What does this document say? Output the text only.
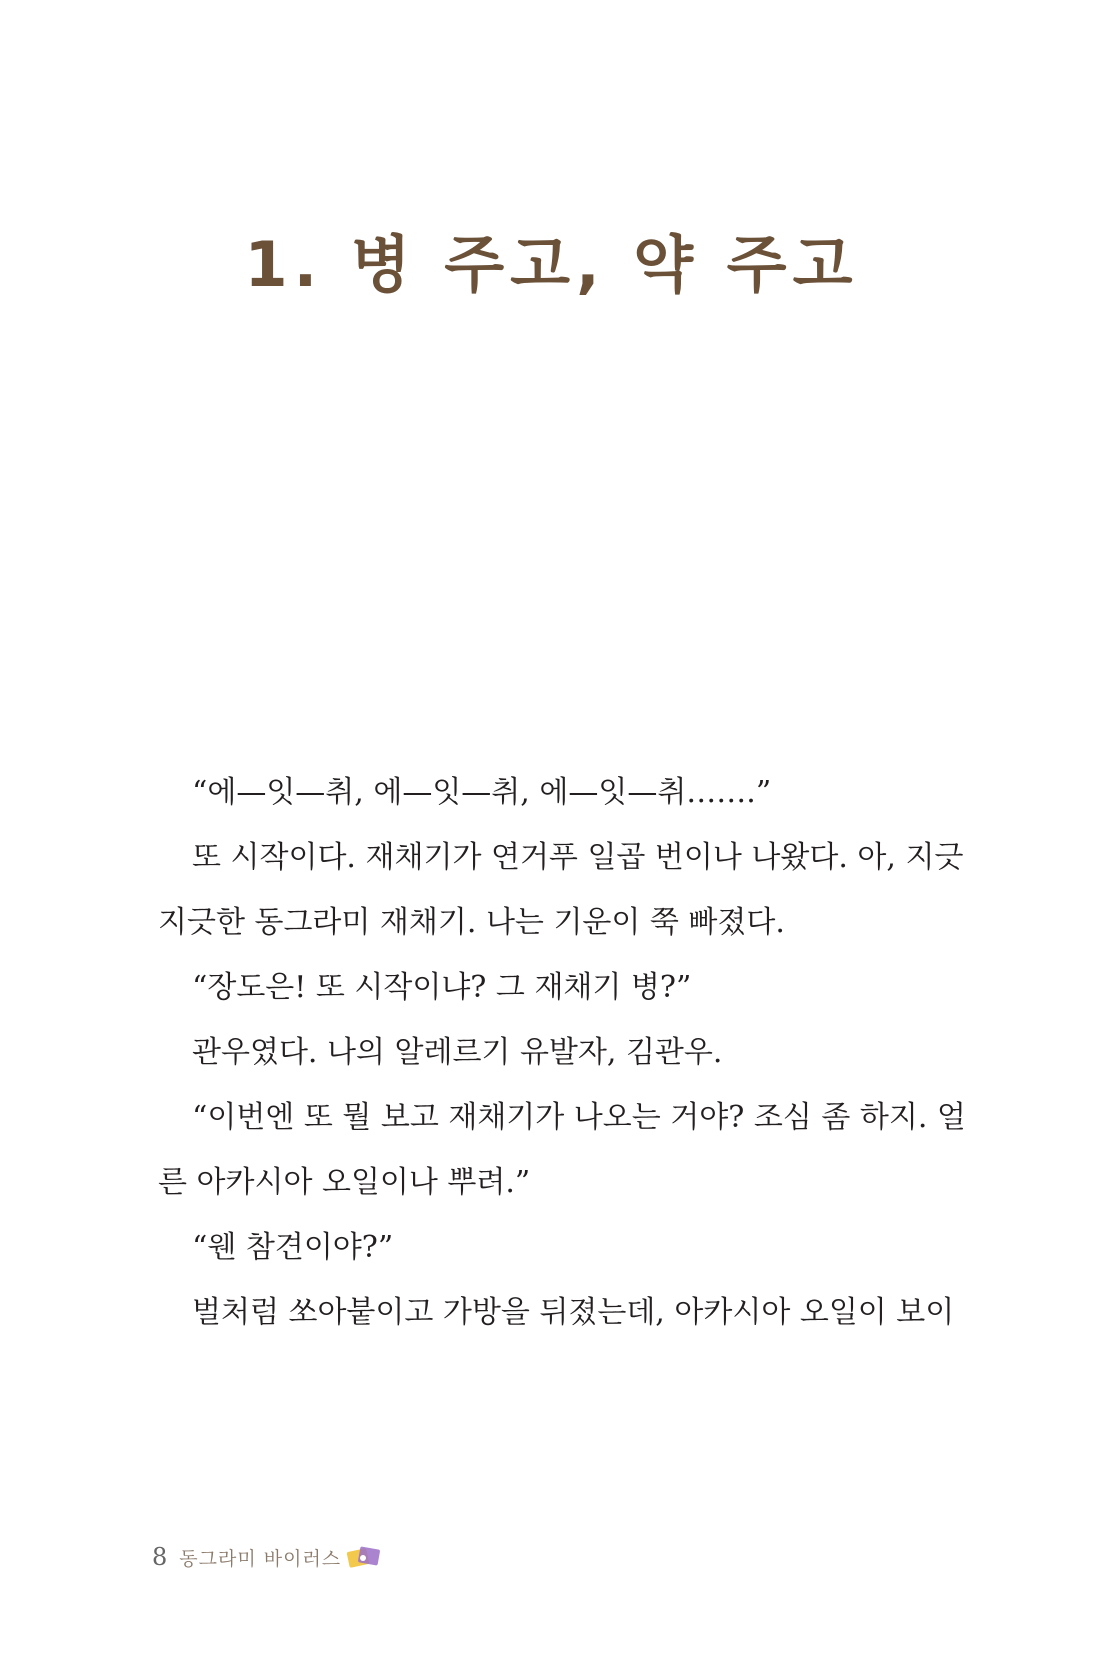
1. 병 주고, 약 주고
“에—잇—취, 에—잇—취, 에—잇—취…….”
또 시작이다. 재채기가 연거푸 일곱 번이나 나왔다. 아, 지긋
지긋한 동그라미 재채기. 나는 기운이 쭉 빠졌다.
“장도은! 또 시작이냐? 그 재채기 병?”
관우였다. 나의 알레르기 유발자, 김관우.
“이번엔 또 뭘 보고 재채기가 나오는 거야? 조심 좀 하지. 얼
른 아카시아 오일이나 뿌려.”
“웬 참견이야?”
벌처럼 쏘아붙이고 가방을 뒤졌는데, 아카시아 오일이 보이
8 동그라미 바이러스
